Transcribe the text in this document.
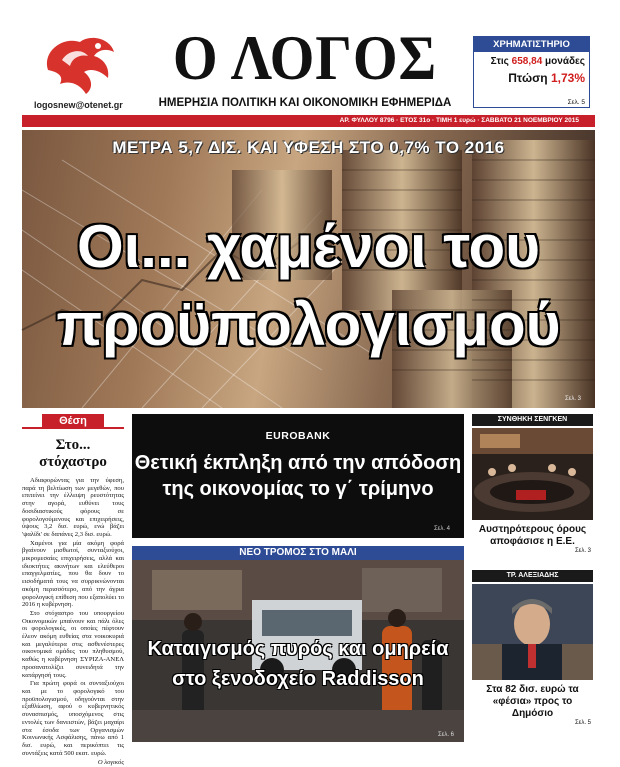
logosnew@otenet.gr
Ο ΛΟΓΟΣ
ΗΜΕΡΗΣΙΑ ΠΟΛΙΤΙΚΗ ΚΑΙ ΟΙΚΟΝΟΜΙΚΗ ΕΦΗΜΕΡΙΔΑ
ΧΡΗΜΑΤΙΣΤΗΡΙΟ
Στις 658,84 μονάδες
Πτώση 1,73%
Σελ. 5
ΑΡ. ΦΥΛΛΟΥ 8796 · ΕΤΟΣ 31ο · ΤΙΜΗ 1 ευρώ · ΣΑΒΒΑΤΟ 21 ΝΟΕΜΒΡΙΟΥ 2015
ΜΕΤΡΑ 5,7 ΔΙΣ. ΚΑΙ ΥΦΕΣΗ ΣΤΟ 0,7% ΤΟ 2016
Οι... χαμένοι του
προϋπολογισμού
Σελ. 3
Θέση
Στο...
στόχαστρο

Αδιαφορώντας για την ύφεση, παρά τη βελτίωση των μεγεθών, που επιτείνει την έλλειψη ρευστότητας στην αγορά, ευθύνει τους δοσιδιαστικούς φόρους σε φορολογούμενους και επιχειρήσεις, ύψους 3,2 δισ. ευρώ, ενώ βάζει 'ψαλίδι' σε δαπάνες 2,3 δισ. ευρώ.

Χαμένοι για μία ακόμη φορά βγαίνουν μισθωτοί, συνταξιούχοι, μικρομεσαίες επιχειρήσεις, αλλά και ιδιοκτήτες ακινήτων και ελεύθεροι επαγγελματίες, που θα δουν το εισοδήματά τους να συρρικνώνονται ακόμη περισσότερο, από την άγρια φορολογική επίθεση που εξαπολύει το 2016 η κυβέρνηση.

Στο στόχαστρο του υπουργείου Οικονομικών μπαίνουν και πάλι όλες οι φορολογικές, οι οποίες πέφτουν έλεον ακόμη ευθείας στα νοικοκυριά και μεγαλύτερα στις ασθενέστερες οικονομικά ομάδες του πληθυσμού, καθώς η κυβέρνηση ΣΥΡΙΖΑ-ΑΝΕΛ προσανατολίζει συνειδητά την κατάργησή τους.

Για πρώτη φορά οι συνταξιούχοι και με το φορολογικό του προϋπολογισμού, οδηγούνται στην εξαθλίωση, αφού ο κυβερνητικός συνασπισμός, υποσχόμενος στις εντολές των δανειστών, βάζει μαχαίρι στα έσοδα των Οργανισμών Κοινωνικής Ασφάλισης, πάνω από 1 δισ. ευρώ, και περικόπτει τις συντάξεις κατά 500 εκατ. ευρώ.

Ο λογικός
EUROBANK
Θετική έκπληξη από την απόδοση
της οικονομίας το γ΄ τρίμηνο
Σελ. 4
ΝΕΟ ΤΡΟΜΟΣ ΣΤΟ ΜΑΛΙ
Καταιγισμός πυρός και ομηρεία
στο ξενοδοχείο Raddisson
Σελ. 6
ΣΥΝΘΗΚΗ ΣΕΝΓΚΕΝ
Αυστηρότερους όρους
αποφάσισε η Ε.Ε.
Σελ. 3
ΤΡ. ΑΛΕΞΙΑΔΗΣ
Στα 82 δισ. ευρώ τα
«φέσια» προς το Δημόσιο
Σελ. 5
